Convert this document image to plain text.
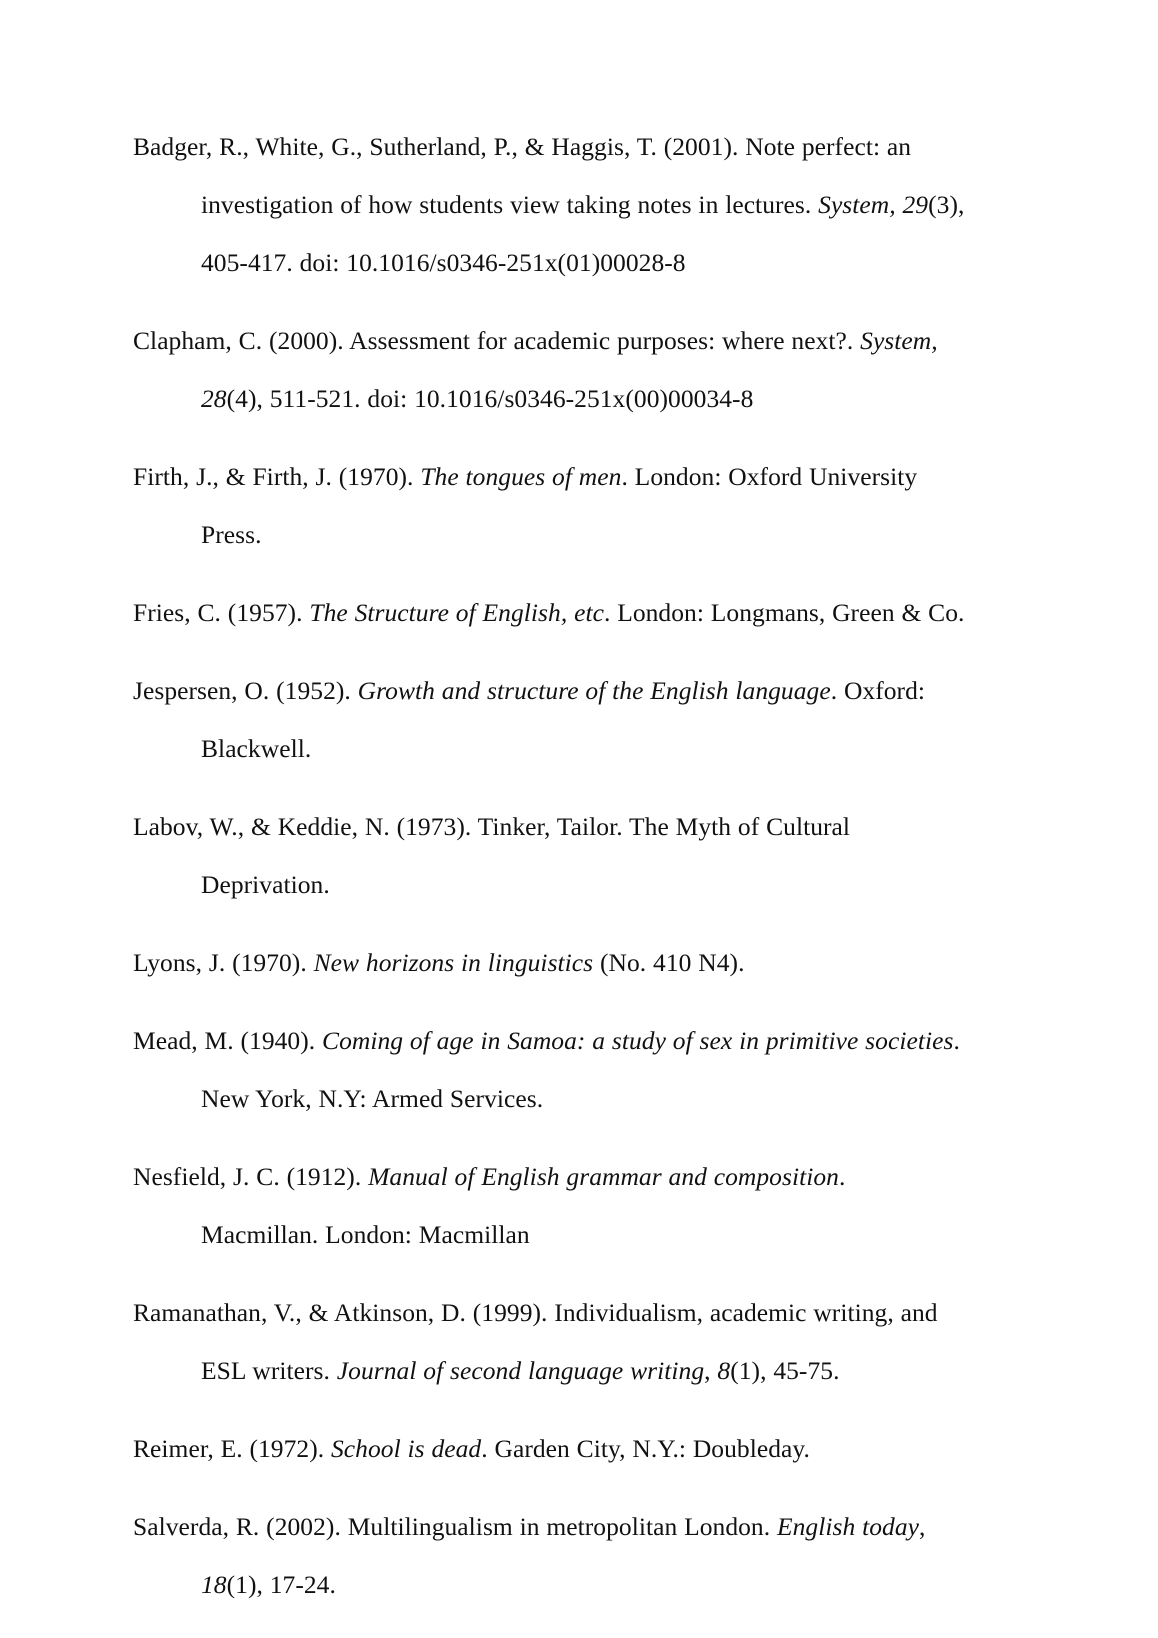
Badger, R., White, G., Sutherland, P., & Haggis, T. (2001). Note perfect: an investigation of how students view taking notes in lectures. System, 29(3), 405-417. doi: 10.1016/s0346-251x(01)00028-8

Clapham, C. (2000). Assessment for academic purposes: where next?. System, 28(4), 511-521. doi: 10.1016/s0346-251x(00)00034-8

Firth, J., & Firth, J. (1970). The tongues of men. London: Oxford University Press.

Fries, C. (1957). The Structure of English, etc. London: Longmans, Green & Co.

Jespersen, O. (1952). Growth and structure of the English language. Oxford: Blackwell.

Labov, W., & Keddie, N. (1973). Tinker, Tailor. The Myth of Cultural Deprivation.

Lyons, J. (1970). New horizons in linguistics (No. 410 N4).

Mead, M. (1940). Coming of age in Samoa: a study of sex in primitive societies. New York, N.Y: Armed Services.

Nesfield, J. C. (1912). Manual of English grammar and composition. Macmillan. London: Macmillan

Ramanathan, V., & Atkinson, D. (1999). Individualism, academic writing, and ESL writers. Journal of second language writing, 8(1), 45-75.

Reimer, E. (1972). School is dead. Garden City, N.Y.: Doubleday.

Salverda, R. (2002). Multilingualism in metropolitan London. English today, 18(1), 17-24.
